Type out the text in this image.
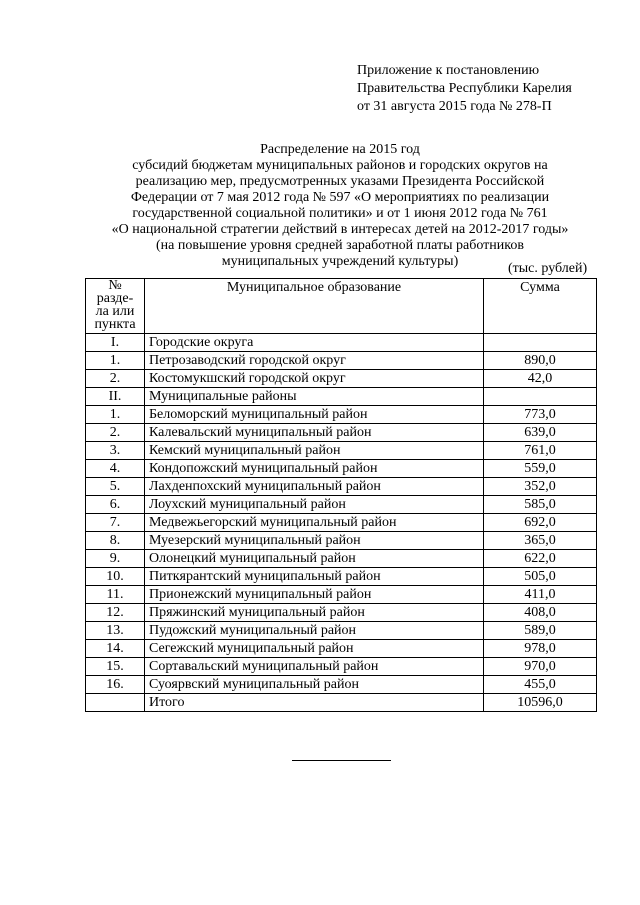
Приложение к постановлению
Правительства Республики Карелия
от 31 августа 2015 года № 278-П
Распределение на 2015 год
субсидий бюджетам муниципальных районов и городских округов на
реализацию мер, предусмотренных указами Президента Российской
Федерации от 7 мая 2012 года № 597 «О мероприятиях по реализации
государственной социальной политики» и от 1 июня 2012 года № 761
«О национальной стратегии действий в интересах детей на 2012-2017 годы»
(на повышение уровня средней заработной платы работников
муниципальных учреждений культуры)	(тыс. рублей)
№
разде-
ла или
пункта	Муниципальное образование	Сумма
I.	Городские округа	
1.	Петрозаводский городской округ	890,0
2.	Костомукшский городской округ	42,0
II.	Муниципальные районы	
1.	Беломорский муниципальный район	773,0
2.	Калевальский муниципальный район	639,0
3.	Кемский муниципальный район	761,0
4.	Кондопожский муниципальный район	559,0
5.	Лахденпохский муниципальный район	352,0
6.	Лоухский муниципальный район	585,0
7.	Медвежьегорский муниципальный район	692,0
8.	Муезерский муниципальный район	365,0
9.	Олонецкий муниципальный район	622,0
10.	Питкярантский муниципальный район	505,0
11.	Прионежский муниципальный район	411,0
12.	Пряжинский муниципальный район	408,0
13.	Пудожский муниципальный район	589,0
14.	Сегежский муниципальный район	978,0
15.	Сортавальский муниципальный район	970,0
16.	Суоярвский муниципальный район	455,0
	Итого	10596,0
